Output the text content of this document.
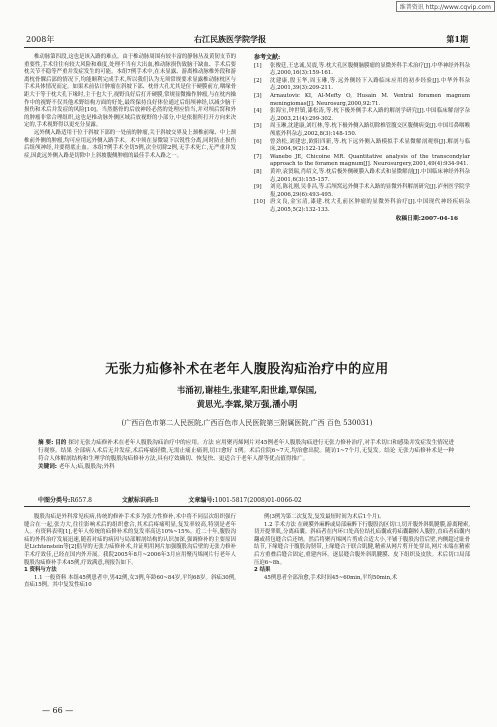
维普资讯 http://www.cqvip.com
2008年	右江民族医学院学报	第1期

椎动脉第四段,这也是该入路的难点。由于椎动脉周围有较丰富的静脉丛及黄韧支节的重要性,手术往往有较大风险和难度,处理不当有大出血,椎动脉损伤致脑干缺血、手术后要枕关节不稳等严重并发症发生的可能。本组7例手术中,在未显露、游离椎动脉椎外段和游离枕骨髁后部的情况下,均能顺利完成手术,所以我们认为无须常规要求显露椎动脉枕区与手术具体情况而定。如果术前估计肿瘤在斜坡下部、枕骨大孔尤其是位于硬膜前方,咽缘骨距大于等于枕大孔下缘时,主干也大于,视野良好后打开硬膜,常规显微操作肿瘤,与在枕内操作中的视野不仅其他术野结构方面的好处,最终保持良好体位通过后组颅神经,以减少脑干损伤和术后并发症的风险[10]。当然髂骨的后放神经必然的处理应恰当,并对颅后窝和外的肿瘤非常合理组织,这也是椎动脉外侧区域后放视野的小部分,中是依据所打开方向来决定的,手术视野得以更充分显露。

远外侧入路适用于位于斜坡下部的一处前的肿瘤,关于斜坡交界及上颈椎前缘、中上颈椎前外侧的肿瘤,均可应用远外侧入路手术。术中须在显微镜下以锐性分离,同时防止损伤后组颅神经,并要彻底止血。本组7例手术全切5例,次全切除2例,无手术死亡,无严重并发症,因此远外侧入路是切除中上斜坡腹侧肿瘤的最佳手术入路之一。

参考文献:
[1]	张俊廷,王忠诚,吴震,等.枕大孔区腹侧脑膜瘤的显微外科手术治疗[J].中华神经外科杂志,2000,16(3):159-161.
[2]	沈建康,殷玉华,周玉琳,等.远外侧经下入路临床应用的初步经验[J].中华外科杂志,2001,39(3):209-211.
[3]	Arnautovic KI, Al-Mefty O, Husain M. Ventral foramen magnum meningiomas[J]. Neurosurg,2000,92:71.
[4]	张海宝,钟世镇,漆松涛,等.枕下极外侧手术入路的解剖学研究[J].中国临床解剖学杂志,2003,21(4):299-302.
[5]	周玉琳,沈建康,刘红林,等.枕下极外侧入路切除椎管腹交区腹侧病变[J].中国耳鼻咽喉颅底外科杂志,2002,8(3):148-150.
[6]	曾劲松,刘建忠,欧阳四新,等.枕下远外侧入路模拟手术显微解剖观察[J].解剖与临床,2004,9(2):122-124.
[7]	Wanebo JE, Chicoine MR. Quantitative analysis of the transcondylar approach to the foramen magnum[J]. Neurosurgery,2001,49(4):934-941.
[8]	黄冲,袁贤瑞,肖绍文,等.枕后极外侧硬膜入路术式和显微解剖[J].中国临床神经外科杂志,2001,6(3):155-157.
[9]	刘亮,陈礼刚,吴非昌,等.后颅窝远外侧手术入路的显微外科解剖研究[J].泸州医学院学报,2006,29(6):493-495.
[10] 唐文良,金宝清,漆建.枕大孔前区肿瘤的显微外科治疗[J].中国现代神经疾病杂志,2005,5(2):132-133.
收稿日期:2007-04-16
无张力疝修补术在老年人腹股沟疝治疗中的应用
韦涌初,谢桂生,张建军,阳世雄,覃保国,
黄思光,李霖,梁万强,潘小明
(广西百色市第二人民医院,广西百色市人民医院第三附属医院,广西 百色 530031)
摘 要: 目的 探讨无张力疝修补术在老年人腹股沟疝治疗中的应用。方法 应用聚丙烯网片对45例老年人腹股沟疝进行无张力修补治疗,对手术切口和感染并发症发生情况进行观察。结果 全部病人术后无并发症,术后疼痛轻微,无需止痛止痛剂,切口愈好 1例。术后住院6~7天,均治愈出院。随访1~7个月,无复发。结论 无张力疝修补术是一种符合人体解剖结构和生理学的腹股沟疝修补方法,具有疗效确切、恢复快、更适合于老年人群等优点值得推广。
关键词: 老年人;疝,腹股沟;外科
中图分类号:R657.8	文献标识码:B	文章编号:1001-5817(2008)01-0066-02

腹股沟疝是外科常见疾病,传统的修补手术多为张力性修补,术中将不同层次组织强行缝合在一起,张力大,往往影响术后的组织愈合,其术后疼痛明显,复发率较高,特别是老年人。有资料表明[1],老年人传统的疝修补术的复发率高达10%~15%。近二十年,腹股沟疝的外科治疗发展迅速,随着对疝的病因与局部解剖结构的认识加深,强调修补的主要原因是Lichtenstein等[2]倡导的无张力疝修补术,并证明用网片加强腹股沟后壁的无张力修补手术疗效佳,已经在国内外开展。我院2005年8月~2006年3月应用聚丙烯网片行老年人腹股沟疝修补手术45例,疗效满意,现报告如下。

1 资料与方法

1.1 一般资料 本组45例患者中,男42例,女3例,年龄60~84岁,平均68岁。斜疝30例,直疝15例。其中复发性疝10

例(3例为第二次复发,复发最短时间为术后1个月)。

1.2 手术方法 在硬膜外麻醉或局部麻醉下行腹股沟区切口,切开腹外斜肌腱膜,游离精索,切开提睾肌,分离疝囊。斜疝者在内环口处高位结扎疝囊或将疝囊翻转入腹腔,直疝者疝囊内翻或荷包缝合后还纳。然后将聚丙烯网片剪成合适大小,平铺于腹股沟管后壁,内侧超过耻骨结节,下缘缝合于腹股沟韧带,上缘缝合于联合肌腱,精索从网片剪开处穿出,网片末端在精索后方重叠后缝合固定,重建内环。逐层缝合腹外斜肌腱膜、皮下组织及皮肤。术后切口局部压迫6~8h。

2 结果

45例患者全部治愈,手术时间45~60min,平均50min,术

— 66 —
